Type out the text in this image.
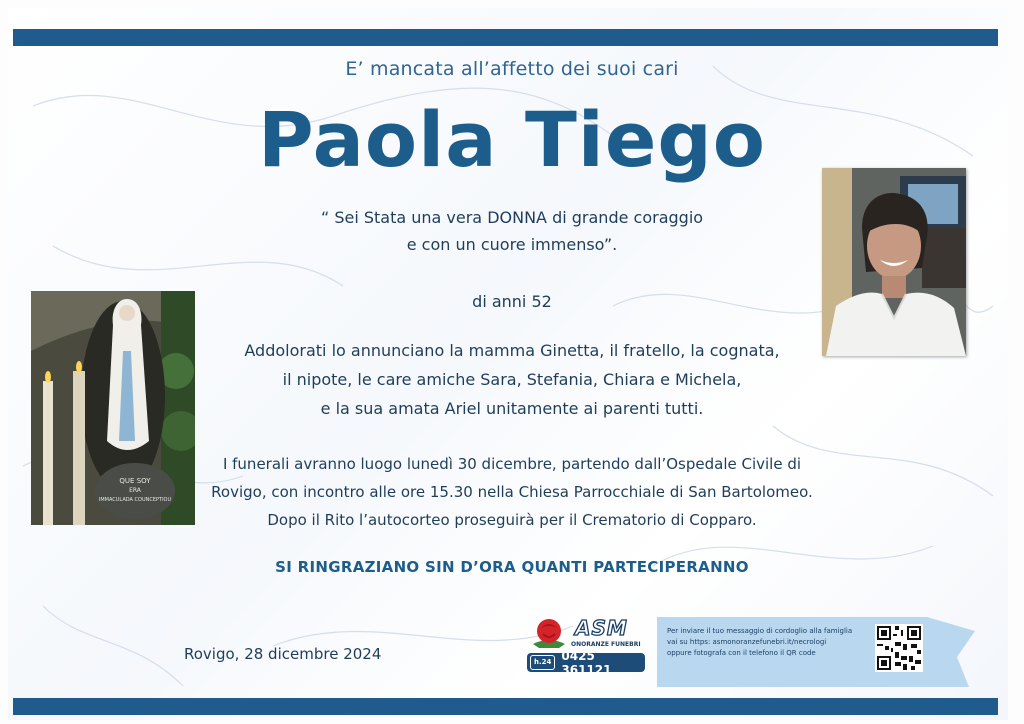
E’ mancata all’affetto dei suoi cari
Paola Tiego
“ Sei Stata una vera DONNA di grande coraggio
e con un cuore immenso”.
di anni 52
Addolorati lo annunciano la mamma Ginetta, il fratello, la cognata,
il nipote, le care amiche Sara, Stefania, Chiara e Michela,
e la sua amata Ariel unitamente ai parenti tutti.
I funerali avranno luogo lunedì 30 dicembre, partendo dall’Ospedale Civile di
Rovigo, con incontro alle ore 15.30 nella Chiesa Parrocchiale di San Bartolomeo.
Dopo il Rito l’autocorteo proseguirà per il Crematorio di Copparo.
SI RINGRAZIANO SIN D’ORA QUANTI PARTECIPERANNO
Rovigo, 28 dicembre 2024
QUE SOY
ERA
IMMACULADA COUNCEPTIOU
ASM
ONORANZE FUNEBRI
h.24 0425 361121
Per inviare il tuo messaggio di cordoglio alla famiglia
vai su https: asmonoranzefunebri.it/necrologi
oppure fotografa con il telefono il QR code
